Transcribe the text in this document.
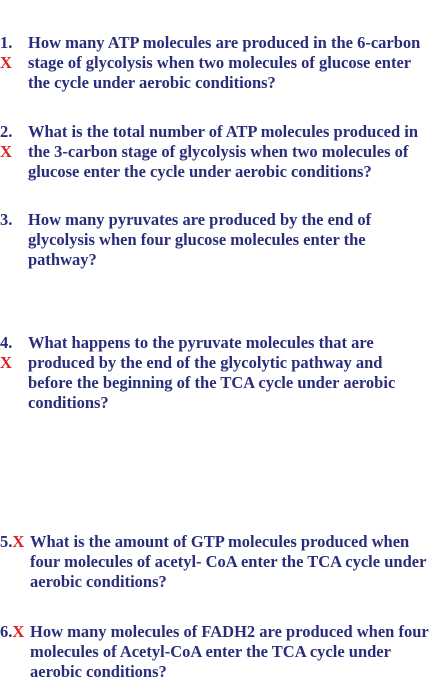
1.
X
How many ATP molecules are produced in the 6-carbon
stage of glycolysis when two molecules of glucose enter
the cycle under aerobic conditions?
2.
X
What is the total number of ATP molecules produced in
the 3-carbon stage of glycolysis when two molecules of
glucose enter the cycle under aerobic conditions?
3. How many pyruvates are produced by the end of
glycolysis when four glucose molecules enter the
pathway?
4.
X
What happens to the pyruvate molecules that are
produced by the end of the glycolytic pathway and
before the beginning of the TCA cycle under aerobic
conditions?
5.X What is the amount of GTP molecules produced when
four molecules of acetyl- CoA enter the TCA cycle under
aerobic conditions?
6.X How many molecules of FADH2 are produced when four
molecules of Acetyl-CoA enter the TCA cycle under
aerobic conditions?
